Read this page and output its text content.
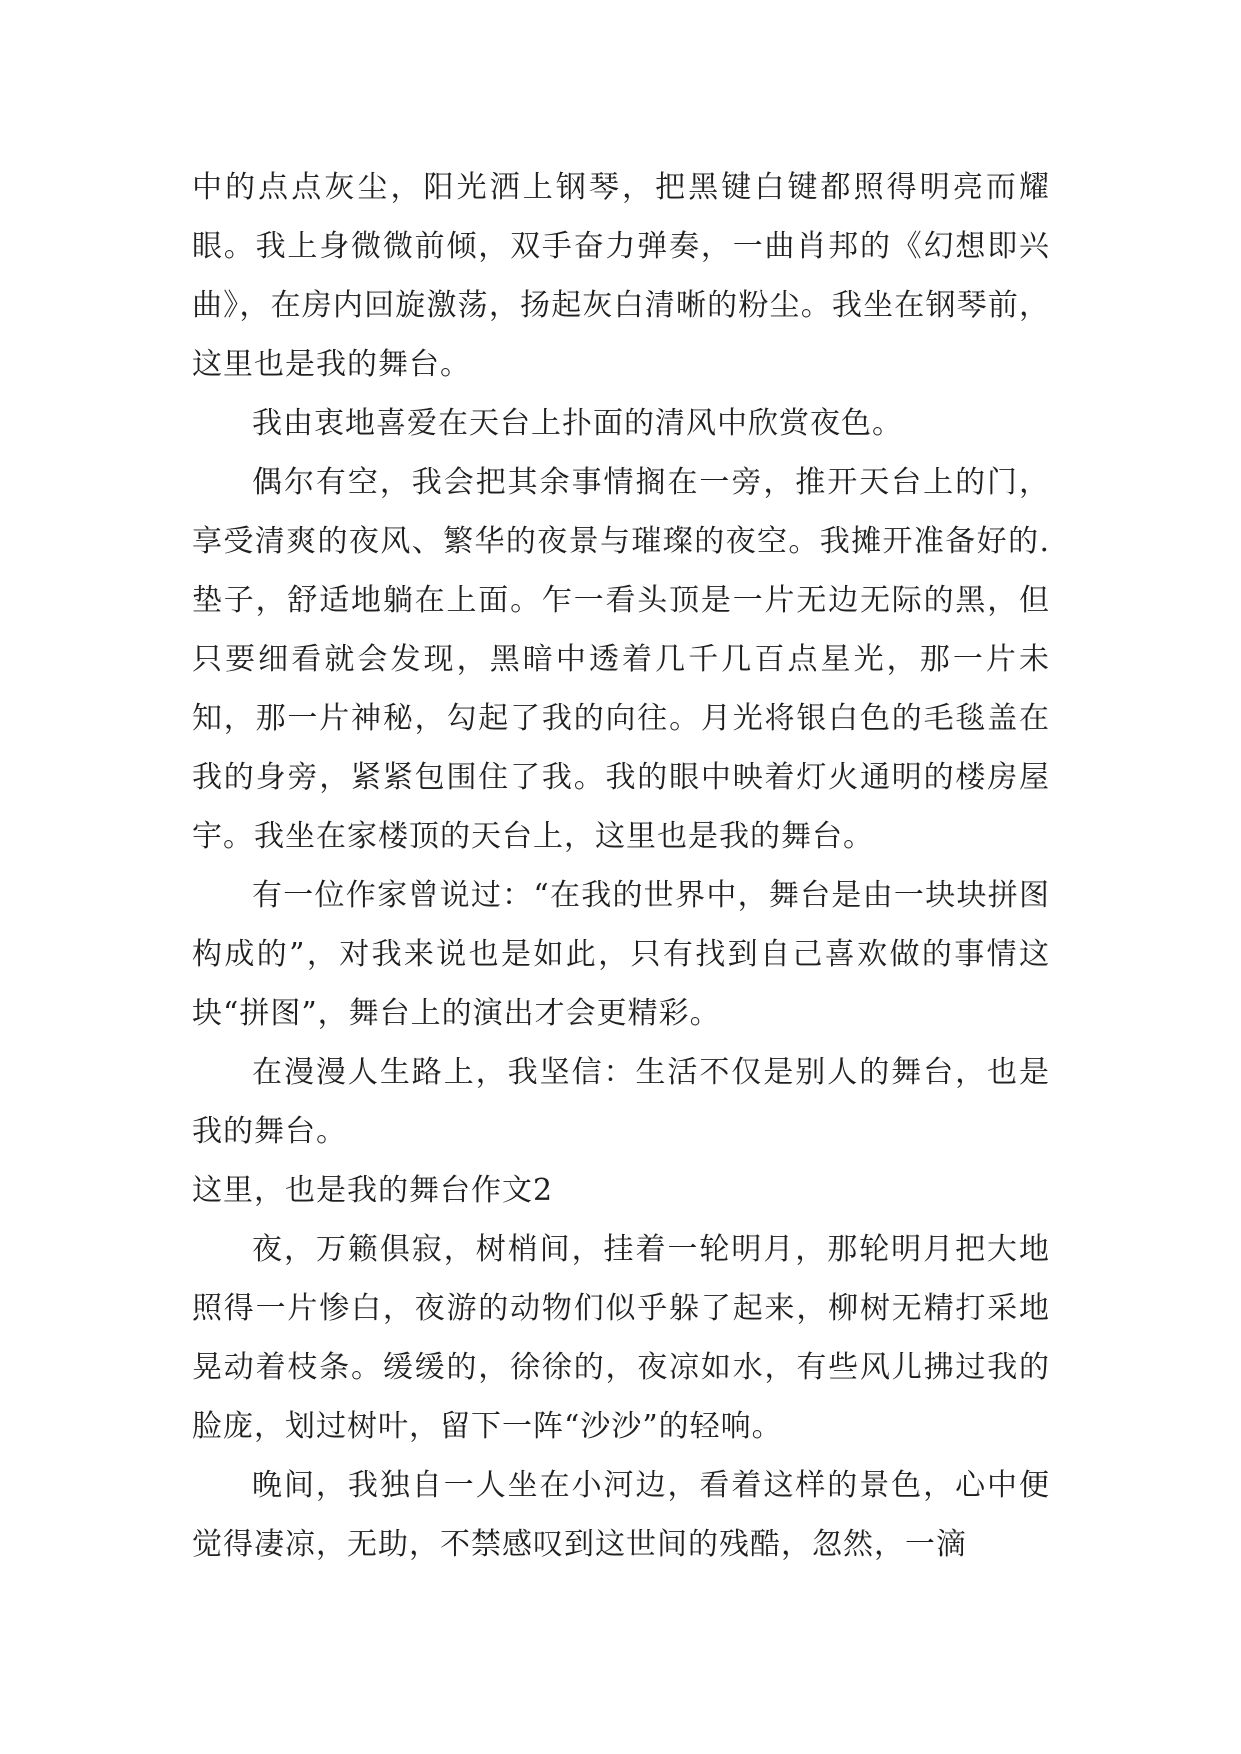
中的点点灰尘，阳光洒上钢琴，把黑键白键都照得明亮而耀眼。我上身微微前倾，双手奋力弹奏，一曲肖邦的《幻想即兴曲》，在房内回旋激荡，扬起灰白清晰的粉尘。我坐在钢琴前，这里也是我的舞台。

我由衷地喜爱在天台上扑面的清风中欣赏夜色。

偶尔有空，我会把其余事情搁在一旁，推开天台上的门，享受清爽的夜风、繁华的夜景与璀璨的夜空。我摊开准备好的.垫子，舒适地躺在上面。乍一看头顶是一片无边无际的黑，但只要细看就会发现，黑暗中透着几千几百点星光，那一片未知，那一片神秘，勾起了我的向往。月光将银白色的毛毯盖在我的身旁，紧紧包围住了我。我的眼中映着灯火通明的楼房屋宇。我坐在家楼顶的天台上，这里也是我的舞台。

有一位作家曾说过：“在我的世界中，舞台是由一块块拼图构成的”，对我来说也是如此，只有找到自己喜欢做的事情这块“拼图”，舞台上的演出才会更精彩。

在漫漫人生路上，我坚信：生活不仅是别人的舞台，也是我的舞台。

这里，也是我的舞台作文2

夜，万籁俱寂，树梢间，挂着一轮明月，那轮明月把大地照得一片惨白，夜游的动物们似乎躲了起来，柳树无精打采地晃动着枝条。缓缓的，徐徐的，夜凉如水，有些风儿拂过我的脸庞，划过树叶，留下一阵“沙沙”的轻响。

晚间，我独自一人坐在小河边，看着这样的景色，心中便觉得凄凉，无助，不禁感叹到这世间的残酷，忽然，一滴
